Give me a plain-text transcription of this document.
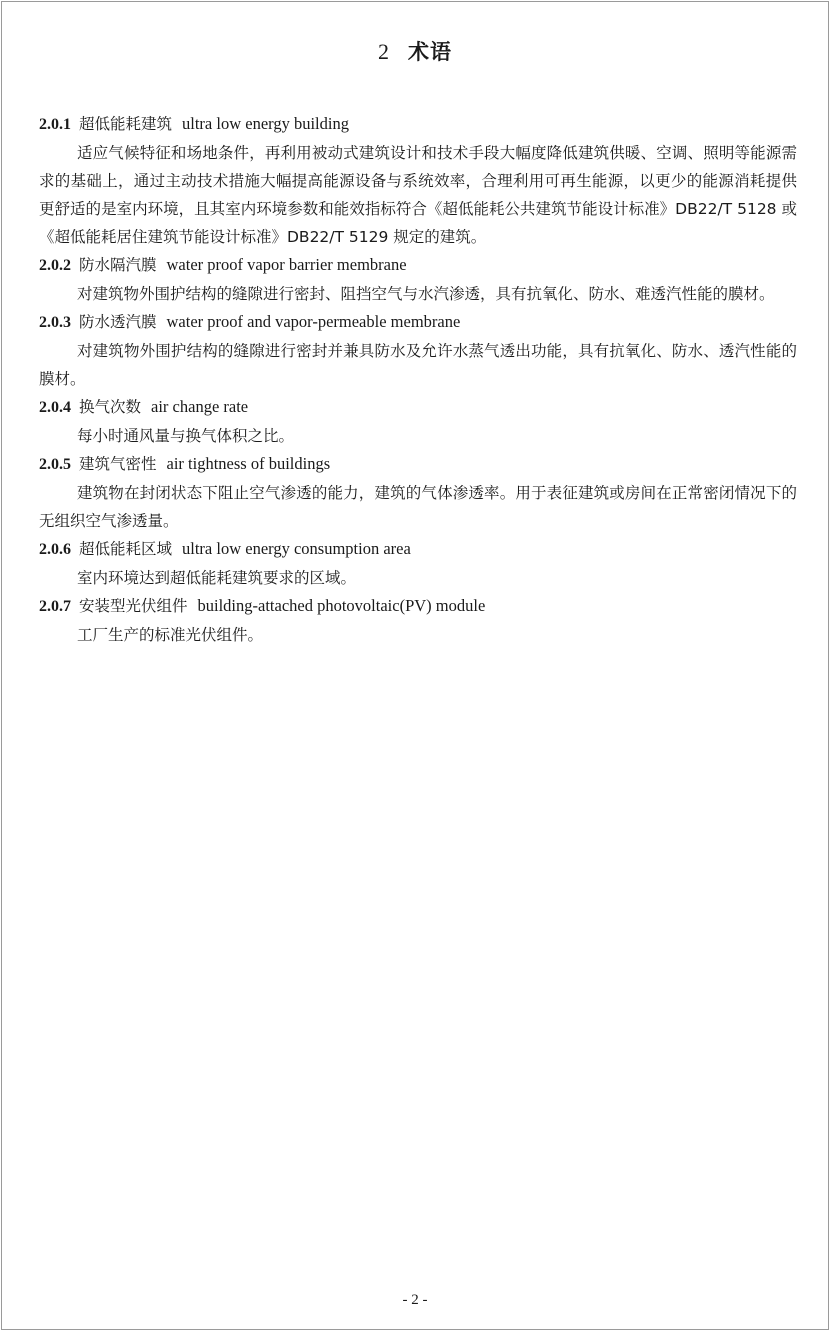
2 术语
2.0.1 超低能耗建筑 ultra low energy building

适应气候特征和场地条件，再利用被动式建筑设计和技术手段大幅度降低建筑供暖、空调、照明等能源需求的基础上，通过主动技术措施大幅提高能源设备与系统效率，合理利用可再生能源，以更少的能源消耗提供更舒适的是室内环境，且其室内环境参数和能效指标符合《超低能耗公共建筑节能设计标准》DB22/T 5128 或《超低能耗居住建筑节能设计标准》DB22/T 5129 规定的建筑。

2.0.2 防水隔汽膜 water proof vapor barrier membrane

对建筑物外围护结构的缝隙进行密封、阻挡空气与水汽渗透，具有抗氧化、防水、难透汽性能的膜材。

2.0.3 防水透汽膜 water proof and vapor-permeable membrane

对建筑物外围护结构的缝隙进行密封并兼具防水及允许水蒸气透出功能，具有抗氧化、防水、透汽性能的膜材。

2.0.4 换气次数 air change rate

每小时通风量与换气体积之比。

2.0.5 建筑气密性 air tightness of buildings

建筑物在封闭状态下阻止空气渗透的能力，建筑的气体渗透率。用于表征建筑或房间在正常密闭情况下的无组织空气渗透量。

2.0.6 超低能耗区域 ultra low energy consumption area

室内环境达到超低能耗建筑要求的区域。

2.0.7 安装型光伏组件 building-attached photovoltaic(PV) module

工厂生产的标准光伏组件。

- 2 -
